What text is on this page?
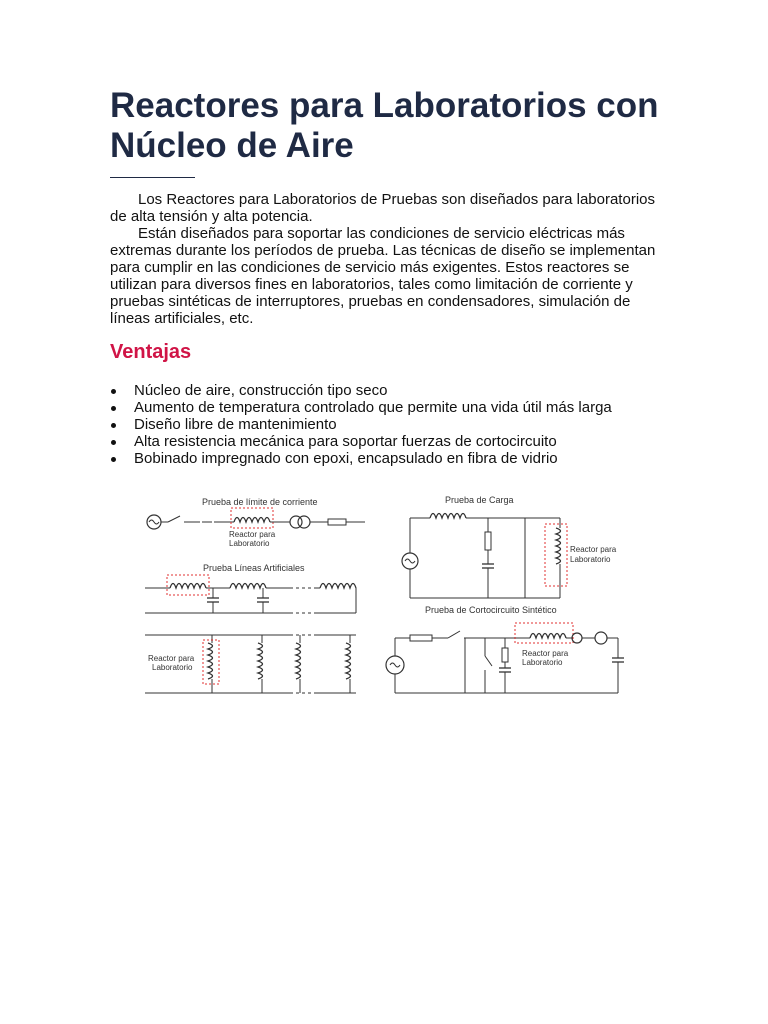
Reactores para Laboratorios con Núcleo de Aire

Los Reactores para Laboratorios de Pruebas son diseñados para laboratorios de alta tensión y alta potencia.

Están diseñados para soportar las condiciones de servicio eléctricas más extremas durante los períodos de prueba. Las técnicas de diseño se implementan para cumplir en las condiciones de servicio más exigentes. Estos reactores se utilizan para diversos fines en laboratorios, tales como limitación de corriente y pruebas sintéticas de interruptores, pruebas en condensadores, simulación de líneas artificiales, etc.

Ventajas
Núcleo de aire, construcción tipo seco
Aumento de temperatura controlado que permite una vida útil más larga
Diseño libre de mantenimiento
Alta resistencia mecánica para soportar fuerzas de cortocircuito
Bobinado impregnado con epoxi, encapsulado en fibra de vidrio
Prueba de límite de corriente
Reactor para
Laboratorio
Prueba de Carga
Reactor para
Laboratorio
Prueba Líneas Artificiales
Reactor para
Laboratorio
Prueba de Cortocircuito Sintético
Reactor para
Laboratorio
